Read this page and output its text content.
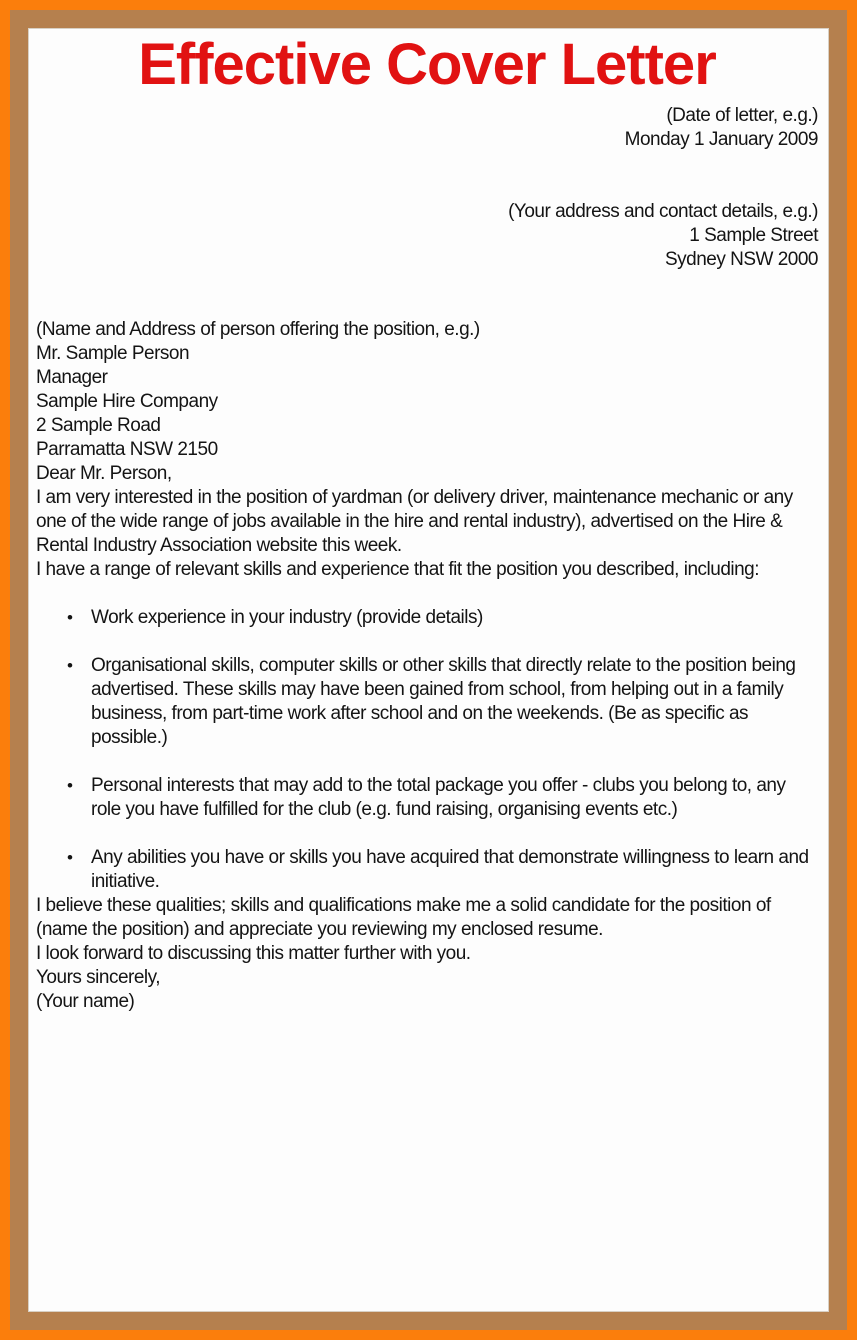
Effective Cover Letter
(Date of letter, e.g.)
Monday 1 January 2009
(Your address and contact details, e.g.)
1 Sample Street
Sydney NSW 2000
(Name and Address of person offering the position, e.g.)
Mr. Sample Person
Manager
Sample Hire Company
2 Sample Road
Parramatta NSW 2150

Dear Mr. Person,

I am very interested in the position of yardman (or delivery driver, maintenance mechanic or any one of the wide range of jobs available in the hire and rental industry), advertised on the Hire & Rental Industry Association website this week.

I have a range of relevant skills and experience that fit the position you described, including:

• Work experience in your industry (provide details)
• Organisational skills, computer skills or other skills that directly relate to the position being advertised. These skills may have been gained from school, from helping out in a family business, from part-time work after school and on the weekends. (Be as specific as possible.)
• Personal interests that may add to the total package you offer - clubs you belong to, any role you have fulfilled for the club (e.g. fund raising, organising events etc.)
• Any abilities you have or skills you have acquired that demonstrate willingness to learn and initiative.

I believe these qualities; skills and qualifications make me a solid candidate for the position of (name the position) and appreciate you reviewing my enclosed resume.

I look forward to discussing this matter further with you.

Yours sincerely,

(Your name)
